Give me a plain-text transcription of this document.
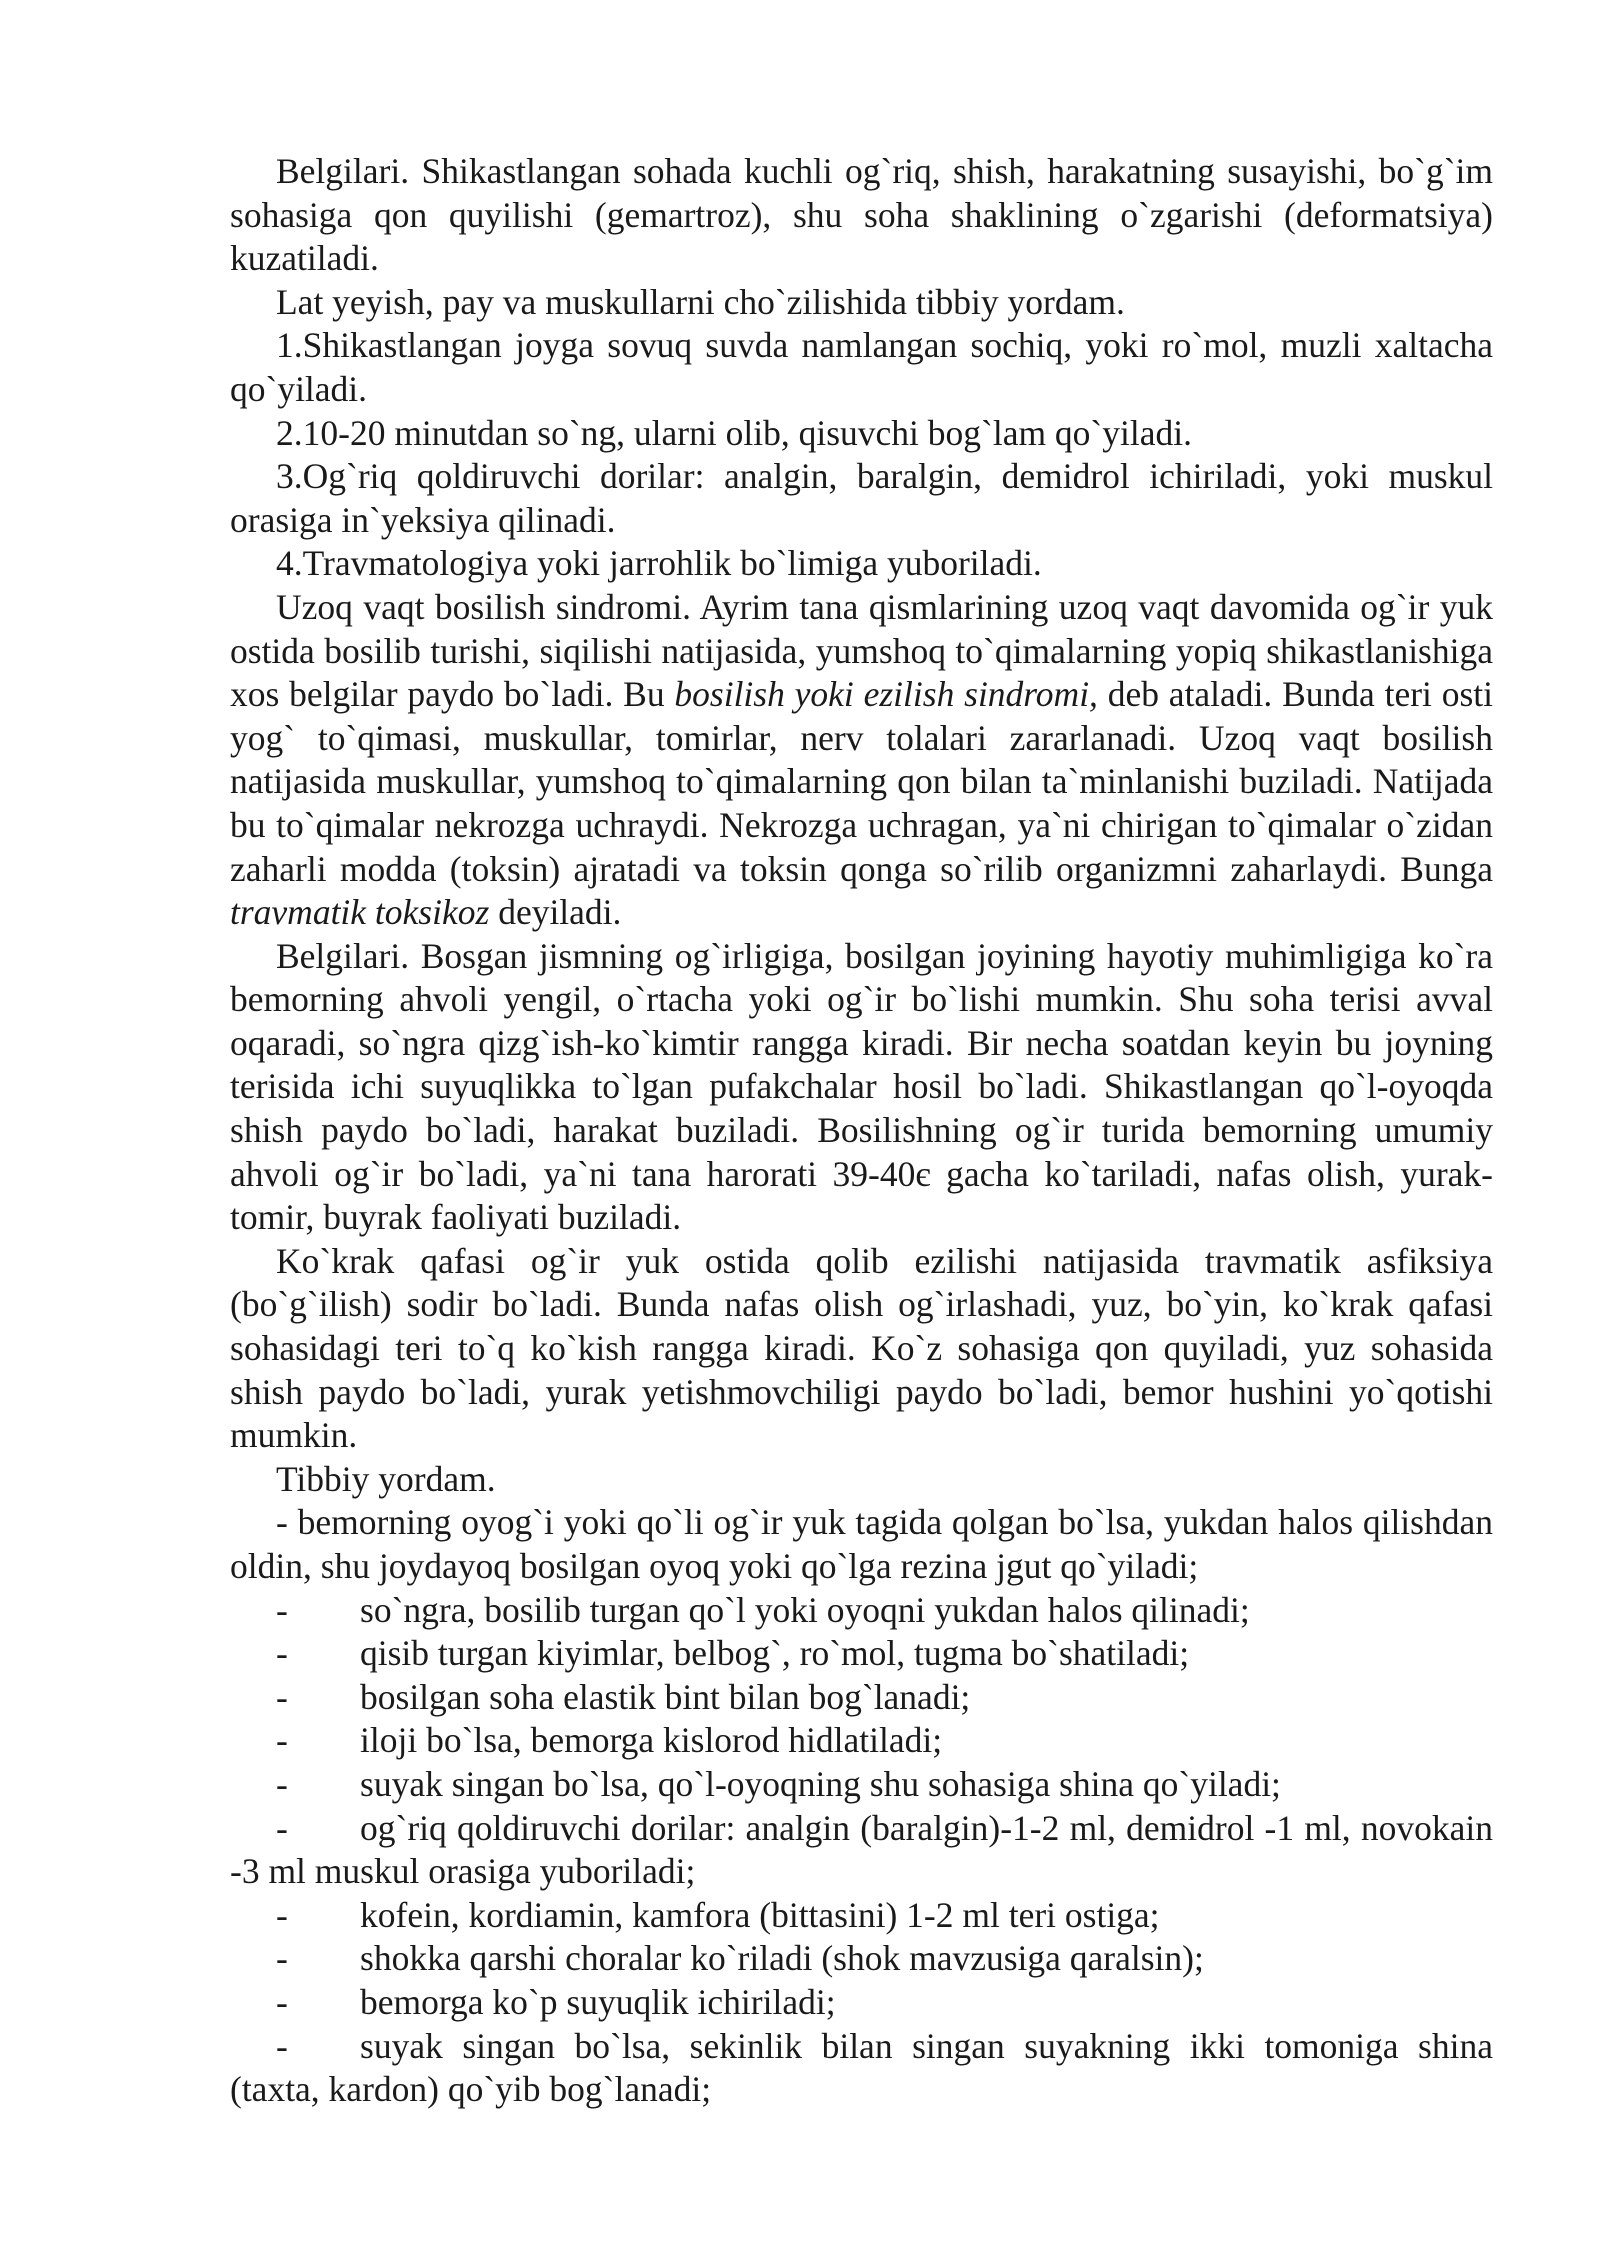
Belgilari. Shikastlangan sohada kuchli og`riq, shish, harakatning susayishi, bo`g`im sohasiga qon quyilishi (gemartroz), shu soha shaklining o`zgarishi (deformatsiya) kuzatiladi.

Lat yeyish, pay va muskullarni cho`zilishida tibbiy yordam.

1.Shikastlangan joyga sovuq suvda namlangan sochiq, yoki ro`mol, muzli xaltacha qo`yiladi.

2.10-20 minutdan so`ng, ularni olib, qisuvchi bog`lam qo`yiladi.

3.Og`riq qoldiruvchi dorilar: analgin, baralgin, demidrol ichiriladi, yoki muskul orasiga in`yeksiya qilinadi.

4.Travmatologiya yoki jarrohlik bo`limiga yuboriladi.

Uzoq vaqt bosilish sindromi. Ayrim tana qismlarining uzoq vaqt davomida og`ir yuk ostida bosilib turishi, siqilishi natijasida, yumshoq to`qimalarning yopiq shikastlanishiga xos belgilar paydo bo`ladi. Bu bosilish yoki ezilish sindromi, deb ataladi. Bunda teri osti yog` to`qimasi, muskullar, tomirlar, nerv tolalari zararlanadi. Uzoq vaqt bosilish natijasida muskullar, yumshoq to`qimalarning qon bilan ta`minlanishi buziladi. Natijada bu to`qimalar nekrozga uchraydi. Nekrozga uchragan, ya`ni chirigan to`qimalar o`zidan zaharli modda (toksin) ajratadi va toksin qonga so`rilib organizmni zaharlaydi. Bunga travmatik toksikoz deyiladi.

Belgilari. Bosgan jismning og`irligiga, bosilgan joyining hayotiy muhimligiga ko`ra bemorning ahvoli yengil, o`rtacha yoki og`ir bo`lishi mumkin. Shu soha terisi avval oqaradi, so`ngra qizg`ish-ko`kimtir rangga kiradi. Bir necha soatdan keyin bu joyning terisida ichi suyuqlikka to`lgan pufakchalar hosil bo`ladi. Shikastlangan qo`l-oyoqda shish paydo bo`ladi, harakat buziladi. Bosilishning og`ir turida bemorning umumiy ahvoli og`ir bo`ladi, ya`ni tana harorati 39-40є gacha ko`tariladi, nafas olish, yurak-tomir, buyrak faoliyati buziladi.

Ko`krak qafasi og`ir yuk ostida qolib ezilishi natijasida travmatik asfiksiya (bo`g`ilish) sodir bo`ladi. Bunda nafas olish og`irlashadi, yuz, bo`yin, ko`krak qafasi sohasidagi teri to`q ko`kish rangga kiradi. Ko`z sohasiga qon quyiladi, yuz sohasida shish paydo bo`ladi, yurak yetishmovchiligi paydo bo`ladi, bemor hushini yo`qotishi mumkin.

Tibbiy yordam.

- bemorning oyog`i yoki qo`li og`ir yuk tagida qolgan bo`lsa, yukdan halos qilishdan oldin, shu joydayoq bosilgan oyoq yoki qo`lga rezina jgut qo`yiladi;

- so`ngra, bosilib turgan qo`l yoki oyoqni yukdan halos qilinadi;

- qisib turgan kiyimlar, belbog`, ro`mol, tugma bo`shatiladi;

- bosilgan soha elastik bint bilan bog`lanadi;

- iloji bo`lsa, bemorga kislorod hidlatiladi;

- suyak singan bo`lsa, qo`l-oyoqning shu sohasiga shina qo`yiladi;

- og`riq qoldiruvchi dorilar: analgin (baralgin)-1-2 ml, demidrol -1 ml, novokain -3 ml muskul orasiga yuboriladi;

- kofein, kordiamin, kamfora (bittasini) 1-2 ml teri ostiga;

- shokka qarshi choralar ko`riladi (shok mavzusiga qaralsin);

- bemorga ko`p suyuqlik ichiriladi;

- suyak singan bo`lsa, sekinlik bilan singan suyakning ikki tomoniga shina (taxta, kardon) qo`yib bog`lanadi;
